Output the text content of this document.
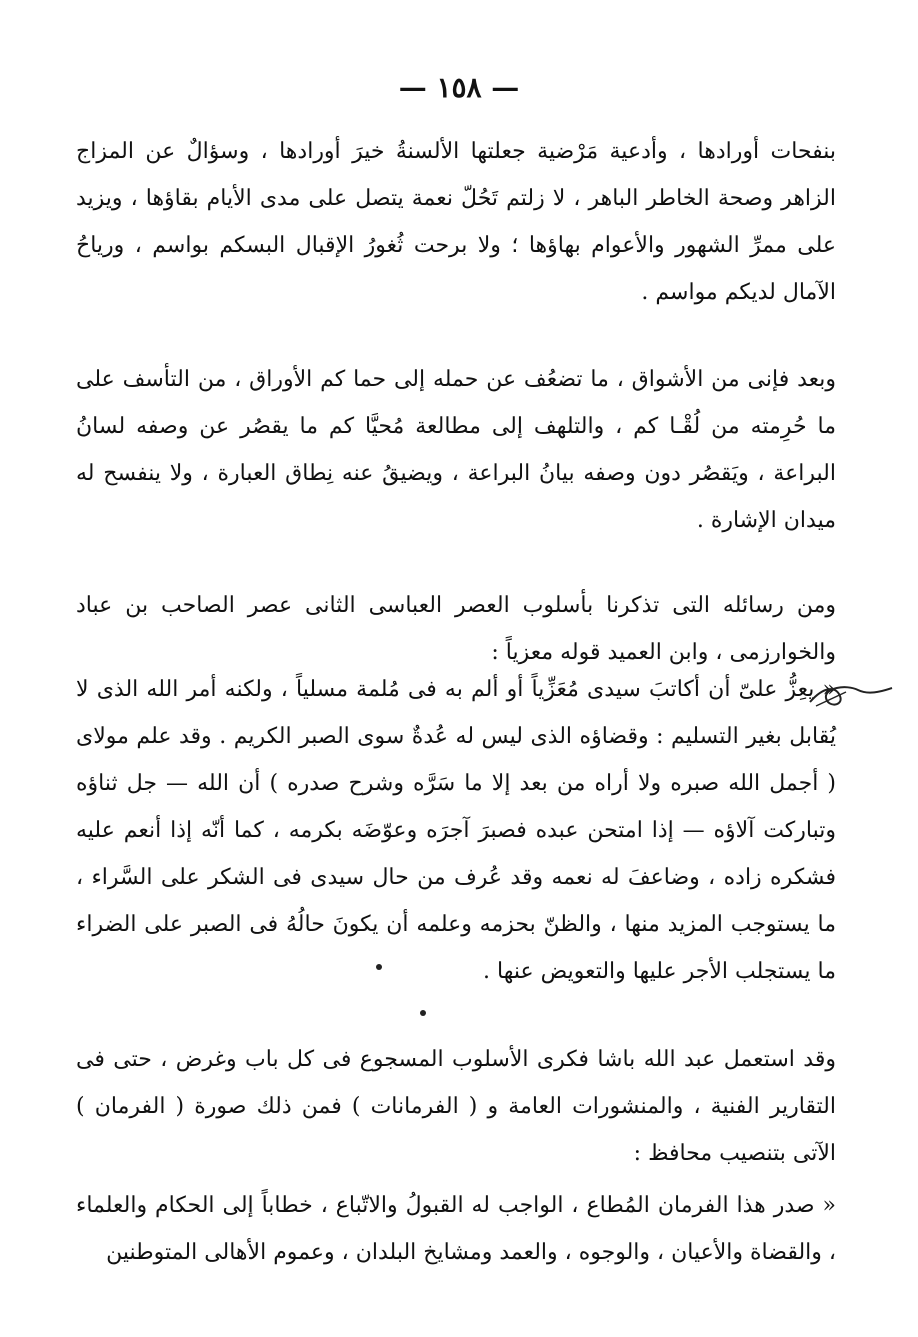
— ١٥٨ —

بنفحات أورادها ، وأدعية مَرْضية جعلتها الألسنةُ خيرَ أورادها ، وسؤالٌ عن المزاج الزاهر وصحة الخاطر الباهر ، لا زلتم تَحُلّ نعمة يتصل على مدى الأيام بقاؤها ، ويزيد على ممرِّ الشهور والأعوام بهاؤها ؛ ولا برحت ثُغورُ الإقبال البسكم بواسم ، ورياحُ الآمال لديكم مواسم .

وبعد فإنى من الأشواق ، ما تضعُف عن حمله إلى حما كم الأوراق ، من التأسف على ما حُرِمته من لُقْـا كم ، والتلهف إلى مطالعة مُحيَّا كم ما يقصُر عن وصفه لسانُ البراعة ، ويَقصُر دون وصفه بيانُ البراعة ، ويضيقُ عنه نِطاق العبارة ، ولا ينفسح له ميدان الإشارة .

ومن رسائله التى تذكرنا بأسلوب العصر العباسى الثانى عصر الصاحب بن عباد والخوارزمى ، وابن العميد قوله معزياً :

« يعِزُّ علىّ أن أكاتبَ سيدى مُعَزِّياً أو ألم به فى مُلمة مسلياً ، ولكنه أمر الله الذى لا يُقابل بغير التسليم : وقضاؤه الذى ليس له عُدةٌ سوى الصبر الكريم . وقد علم مولاى ( أجمل الله صبره ولا أراه من بعد إلا ما سَرَّه وشرح صدره ) أن الله — جل ثناؤه وتباركت آلاؤه — إذا امتحن عبده فصبرَ آجرَه وعوّضَه بكرمه ، كما أنّه إذا أنعم عليه فشكره زاده ، وضاعفَ له نعمه وقد عُرف من حال سيدى فى الشكر على السَّراء ، ما يستوجب المزيد منها ، والظنّ بحزمه وعلمه أن يكونَ حالُهُ فى الصبر على الضراء ما يستجلب الأجر عليها والتعويض عنها .

وقد استعمل عبد الله باشا فكرى الأسلوب المسجوع فى كل باب وغرض ، حتى فى التقارير الفنية ، والمنشورات العامة و ( الفرمانات ) فمن ذلك صورة ( الفرمان ) الآتى بتنصيب محافظ :

« صدر هذا الفرمان المُطاع ، الواجب له القبولُ والاتّباع ، خطاباً إلى الحكام والعلماء ، والقضاة والأعيان ، والوجوه ، والعمد ومشايخ البلدان ، وعموم الأهالى المتوطنين
